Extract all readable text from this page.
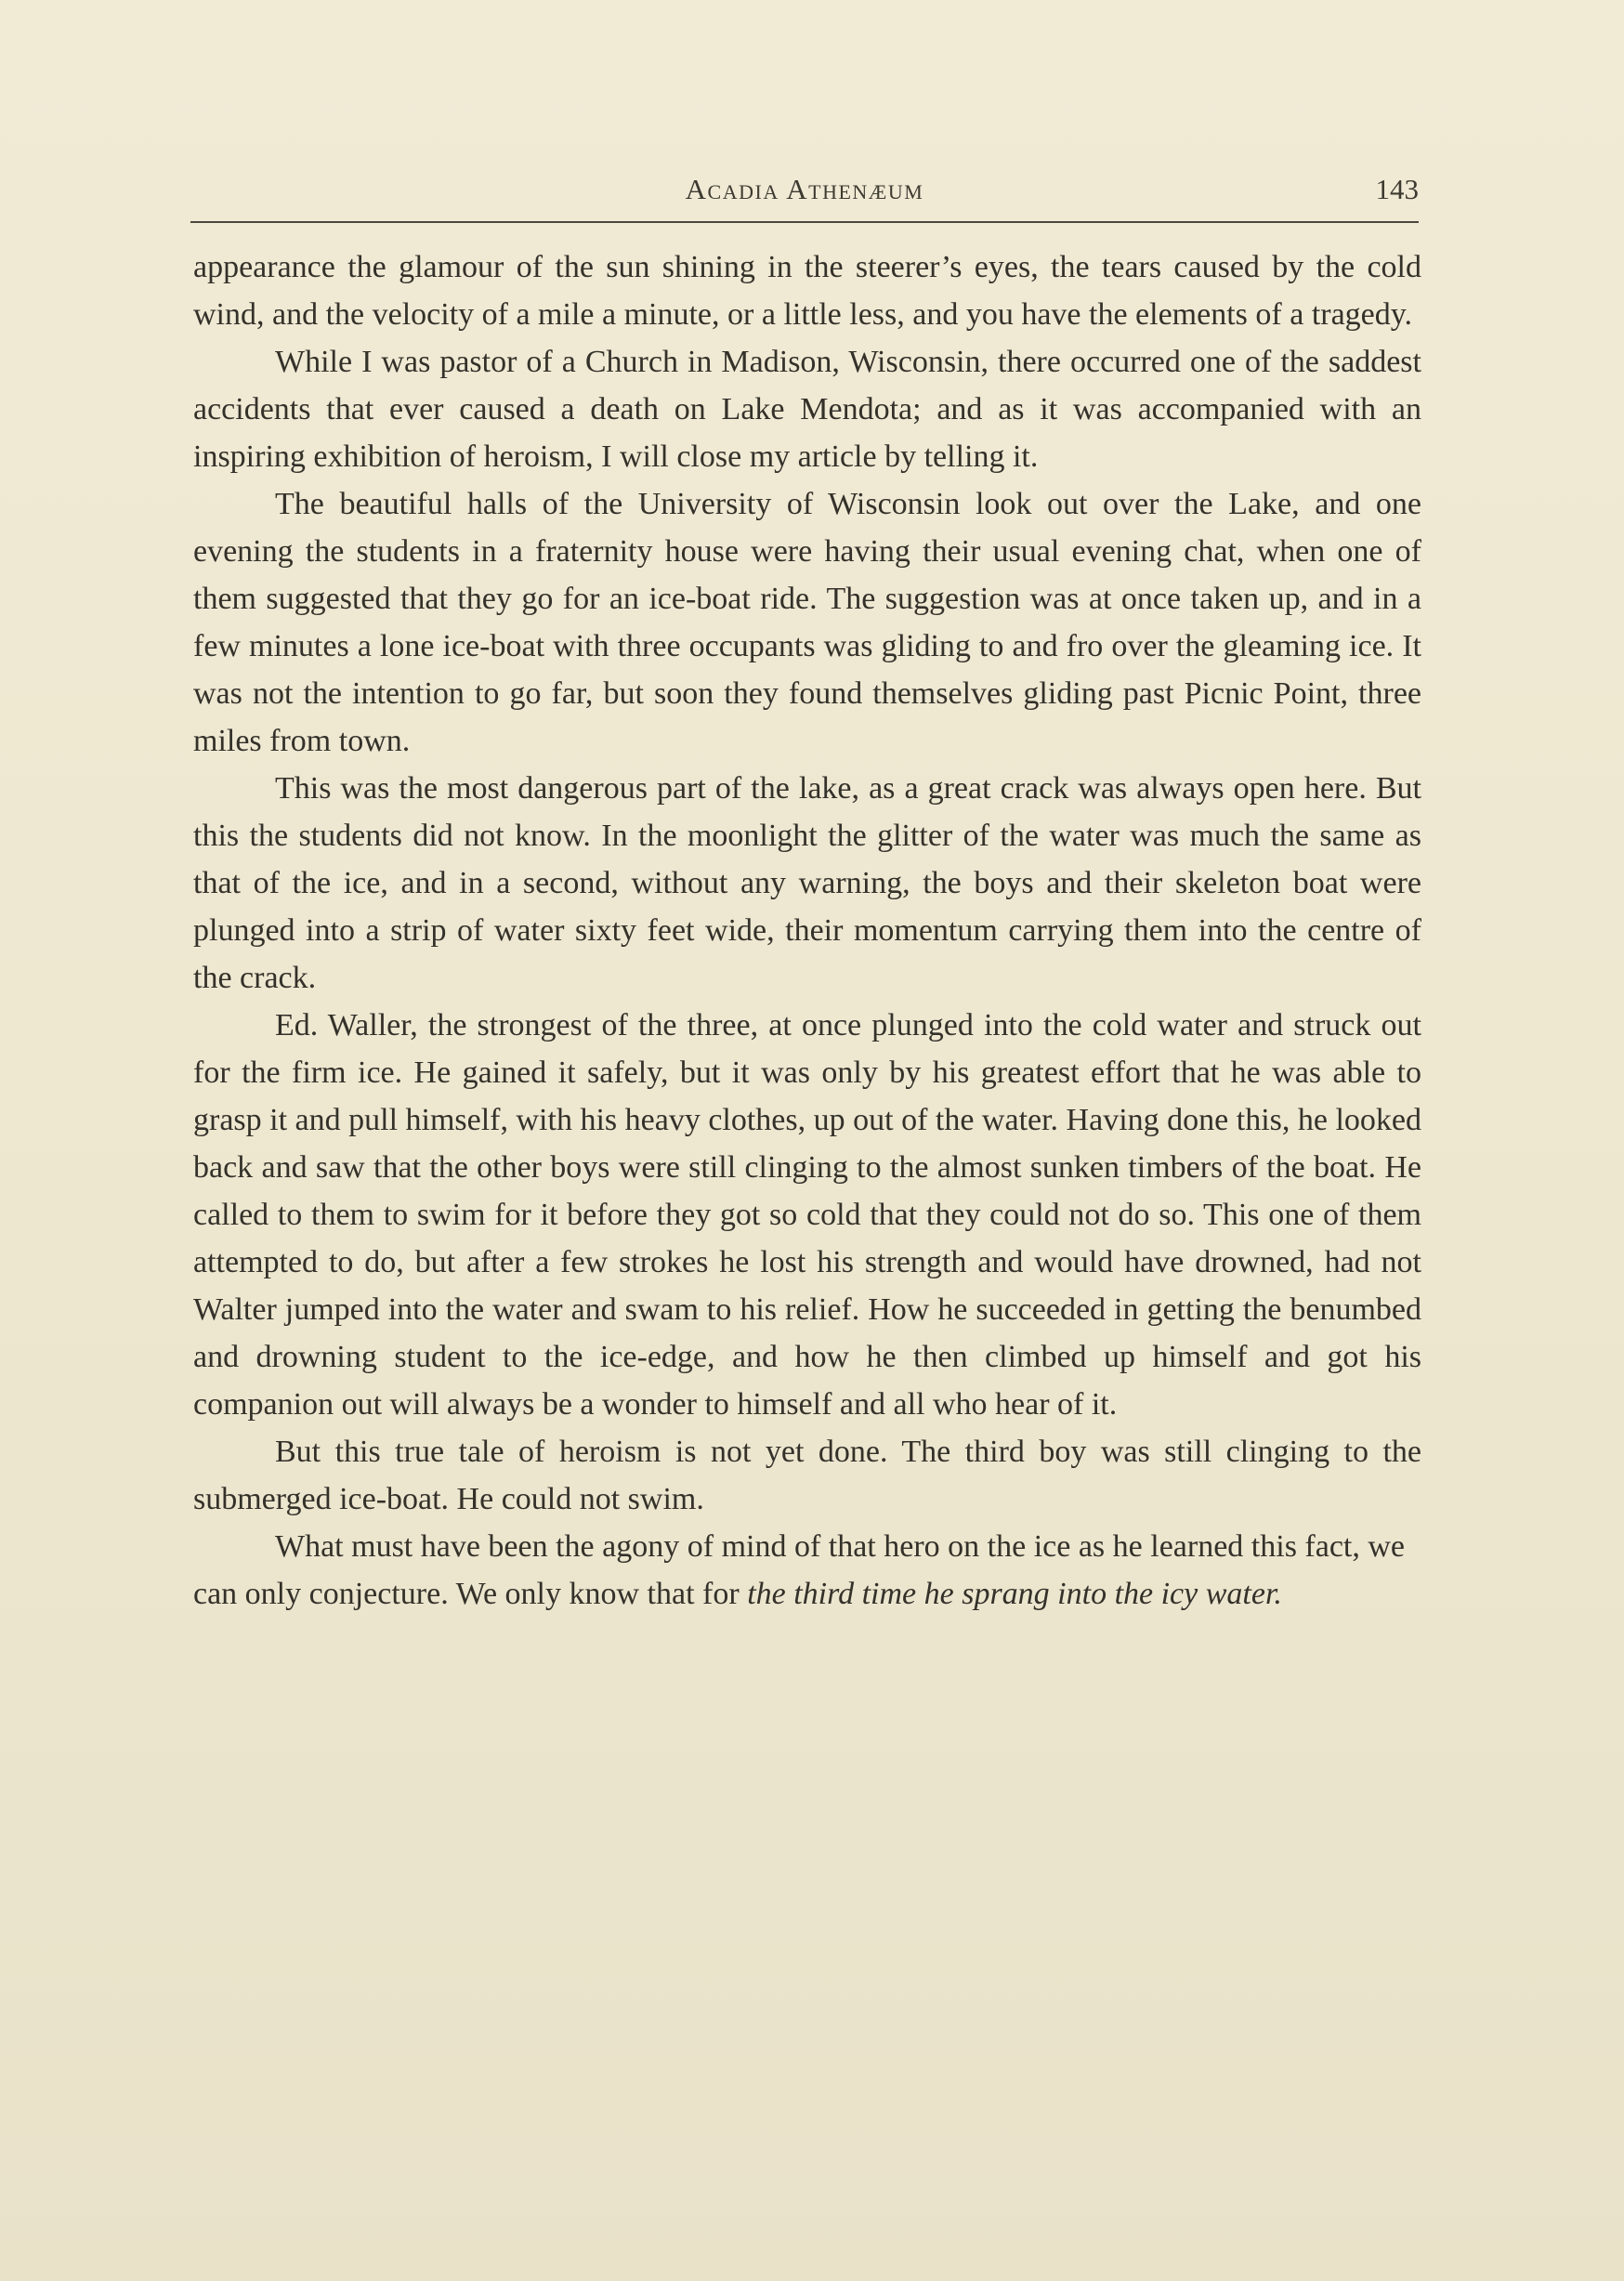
Acadia Athenæum	143

appearance the glamour of the sun shining in the steerer’s eyes, the tears caused by the cold wind, and the velocity of a mile a minute, or a little less, and you have the elements of a tragedy.

While I was pastor of a Church in Madison, Wisconsin, there occurred one of the saddest accidents that ever caused a death on Lake Mendota; and as it was accompanied with an inspiring exhibition of heroism, I will close my article by telling it.

The beautiful halls of the University of Wisconsin look out over the Lake, and one evening the students in a fraternity house were having their usual evening chat, when one of them suggested that they go for an ice-boat ride. The suggestion was at once taken up, and in a few minutes a lone ice-boat with three occupants was gliding to and fro over the gleaming ice. It was not the intention to go far, but soon they found themselves gliding past Picnic Point, three miles from town.

This was the most dangerous part of the lake, as a great crack was always open here. But this the students did not know. In the moonlight the glitter of the water was much the same as that of the ice, and in a second, without any warning, the boys and their skeleton boat were plunged into a strip of water sixty feet wide, their momentum carrying them into the centre of the crack.

Ed. Waller, the strongest of the three, at once plunged into the cold water and struck out for the firm ice. He gained it safely, but it was only by his greatest effort that he was able to grasp it and pull himself, with his heavy clothes, up out of the water. Having done this, he looked back and saw that the other boys were still clinging to the almost sunken timbers of the boat. He called to them to swim for it before they got so cold that they could not do so. This one of them attempted to do, but after a few strokes he lost his strength and would have drowned, had not Walter jumped into the water and swam to his relief. How he succeeded in getting the benumbed and drowning student to the ice-edge, and how he then climbed up himself and got his companion out will always be a wonder to himself and all who hear of it.

But this true tale of heroism is not yet done. The third boy was still clinging to the submerged ice-boat. He could not swim.

What must have been the agony of mind of that hero on the ice as he learned this fact, we can only conjecture. We only know that for the third time he sprang into the icy water.
